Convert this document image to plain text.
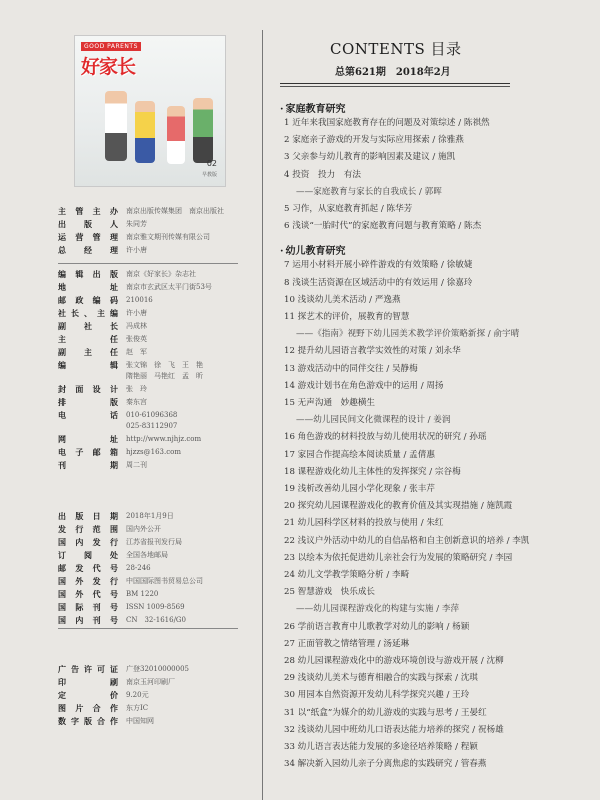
GOOD PARENTS
好家长
02
早教版
主管主办 南京出版传媒集团　南京出版社
出 版 人 朱同芳
运营管理 南京雅文期刊传媒有限公司
总 经 理 许小唐
编辑出版 南京《好家长》杂志社
地　　址 南京市玄武区太平门街53号
邮政编码 210016
社长、主编 许小唐
副 社 长 冯成林
主　　任 张俊英
副 主 任 赵　军
编　　辑 张文锦　徐　飞　王　艳
隋艳丽　马艳红　孟　昕
封面设计 张　玲
排　　版 秦东宫
电　　话 010-61096368
025-83112907
网　　址 http://www.njhjz.com
电子邮箱 hjzzs@163.com
刊　　期 周二刊
出版日期 2018年1月9日
发行范围 国内外公开
国内发行 江苏省报刊发行局
订 阅 处 全国各地邮局
邮发代号 28-246
国外发行 中国国际图书贸易总公司
国外代号 BM 1220
国际刊号 ISSN 1009-8569
国内刊号 CN　32-1616/G0
广告许可证 广登32010000005
印　　刷 南京玉河印刷厂
定　　价 9.20元
图片合作 东方IC
数字版合作 中国知网
CONTENTS 目录
总第621期　2018年2月
· 家庭教育研究
1 近年来我国家庭教育存在的问题及对策综述 / 陈祺然
2 家庭亲子游戏的开发与实际应用探索 / 徐雅燕
3 父亲参与幼儿教育的影响因素及建议 / 施凯
4 投资　投力　有法
——家庭教育与家长的自我成长 / 郭晖
5 习作，从家庭教育抓起 / 陈华芳
6 浅谈“一胎时代”的家庭教育问题与教育策略 / 陈杰
· 幼儿教育研究
7 运用小材料开展小碎件游戏的有效策略 / 徐敏婕
8 浅谈生活资源在区域活动中的有效运用 / 徐嘉玲
10 浅谈幼儿美术活动 / 严逸燕
11 探艺术的评价，展教育的智慧
——《指南》视野下幼儿园美术教学评价策略新探 / 俞宇晴
12 提升幼儿园语言教学实效性的对策 / 刘永华
13 游戏活动中的同伴交往 / 吴静梅
14 游戏计划书在角色游戏中的运用 / 周扬
15 无声沟通　妙趣横生
——幼儿园民间文化微课程的设计 / 姜润
16 角色游戏的材料投放与幼儿使用状况的研究 / 孙瑶
17 家园合作提高绘本阅读质量 / 孟倩惠
18 课程游戏化幼儿主体性的发挥探究 / 宗谷梅
19 浅析改善幼儿园小学化现象 / 张丰芹
20 探究幼儿园课程游戏化的教育价值及其实现措施 / 施凯霞
21 幼儿园科学区材料的投放与使用 / 朱红
22 浅议户外活动中幼儿的自信品格和自主创新意识的培养 / 李凯
23 以绘本为依托促进幼儿亲社会行为发展的策略研究 / 李园
24 幼儿文学教学策略分析 / 李畸
25 智慧游戏　快乐成长
——幼儿园课程游戏化的构建与实施 / 李萍
26 学前语言教育中儿歌教学对幼儿的影响 / 杨颖
27 正面管教之情绪管理 / 汤延琳
28 幼儿园课程游戏化中的游戏环境创设与游戏开展 / 沈柳
29 浅谈幼儿美术与德育相融合的实践与探索 / 沈琪
30 用园本自然资源开发幼儿科学探究兴趣 / 王玲
31 以“纸盒”为媒介的幼儿游戏的实践与思考 / 王晏红
32 浅谈幼儿园中班幼儿口语表达能力培养的探究 / 祝杨雄
33 幼儿语言表达能力发展的多途径培养策略 / 程颖
34 解决新入园幼儿亲子分离焦虑的实践研究 / 管春燕
